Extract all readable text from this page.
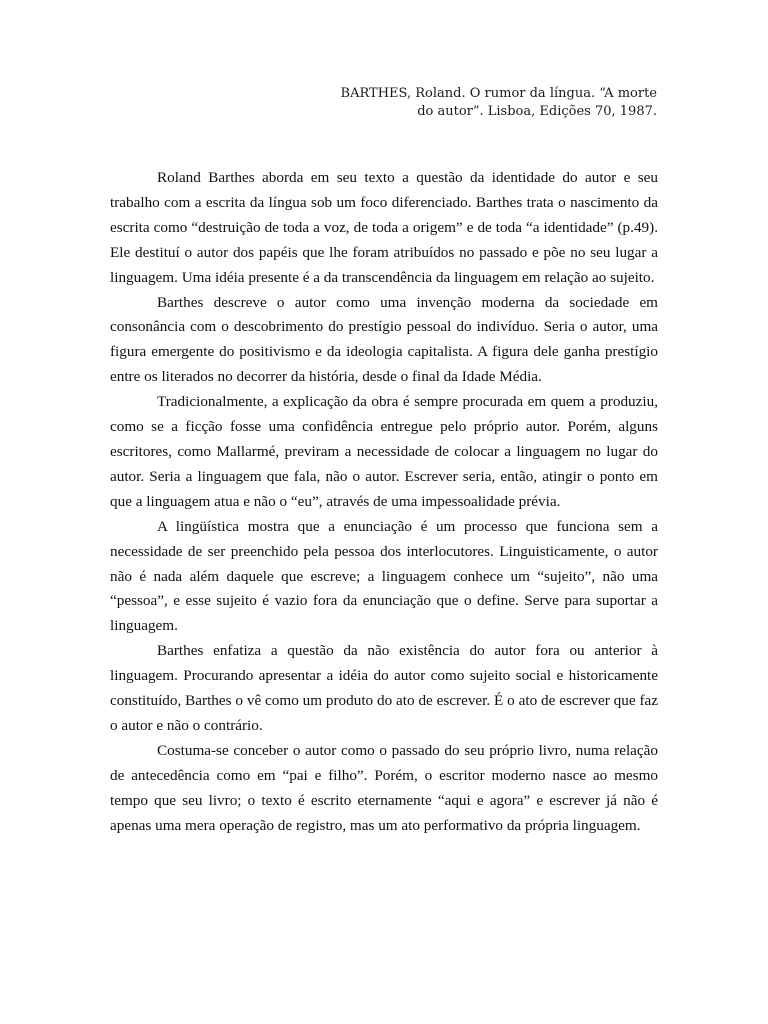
BARTHES, Roland. O rumor da língua. “A morte
do autor”. Lisboa, Edições 70, 1987.

Roland Barthes aborda em seu texto a questão da identidade do autor e seu trabalho com a escrita da língua sob um foco diferenciado. Barthes trata o nascimento da escrita como “destruição de toda a voz, de toda a origem” e de toda “a identidade” (p.49). Ele destituí o autor dos papéis que lhe foram atribuídos no passado e põe no seu lugar a linguagem. Uma idéia presente é a da transcendência da linguagem em relação ao sujeito.

Barthes descreve o autor como uma invenção moderna da sociedade em consonância com o descobrimento do prestígio pessoal do indivíduo. Seria o autor, uma figura emergente do positivismo e da ideologia capitalista. A figura dele ganha prestígio entre os literados no decorrer da história, desde o final da Idade Média.

Tradicionalmente, a explicação da obra é sempre procurada em quem a produziu, como se a ficção fosse uma confidência entregue pelo próprio autor. Porém, alguns escritores, como Mallarmé, previram a necessidade de colocar a linguagem no lugar do autor. Seria a linguagem que fala, não o autor. Escrever seria, então, atingir o ponto em que a linguagem atua e não o “eu”, através de uma impessoalidade prévia.

A lingüística mostra que a enunciação é um processo que funciona sem a necessidade de ser preenchido pela pessoa dos interlocutores. Linguisticamente, o autor não é nada além daquele que escreve; a linguagem conhece um “sujeito”, não uma “pessoa”, e esse sujeito é vazio fora da enunciação que o define. Serve para suportar a linguagem.

Barthes enfatiza a questão da não existência do autor fora ou anterior à linguagem. Procurando apresentar a idéia do autor como sujeito social e historicamente constituído, Barthes o vê como um produto do ato de escrever. É o ato de escrever que faz o autor e não o contrário.

Costuma-se conceber o autor como o passado do seu próprio livro, numa relação de antecedência como em “pai e filho”. Porém, o escritor moderno nasce ao mesmo tempo que seu livro; o texto é escrito eternamente “aqui e agora” e escrever já não é apenas uma mera operação de registro, mas um ato performativo da própria linguagem.
